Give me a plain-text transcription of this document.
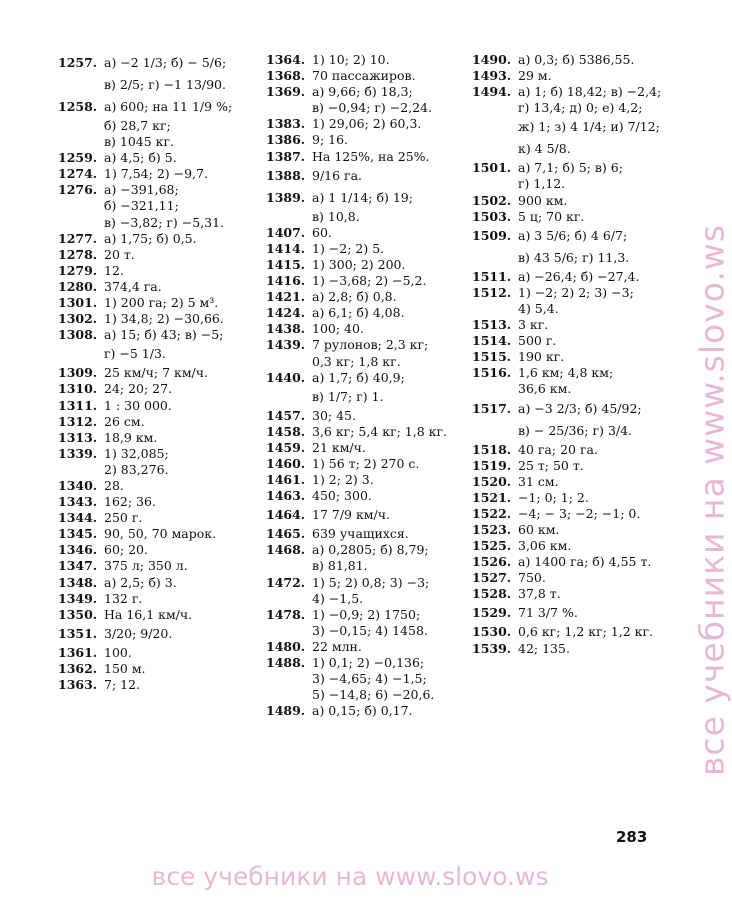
1257. а) −2 1/3; б) − 5/6;
в) 2/5; г) −1 13/90.
1258. а) 600; на 11 1/9 %;
б) 28,7 кг;
в) 1045 кг.
1259. а) 4,5; б) 5.
1274. 1) 7,54; 2) −9,7.
1276. а) −391,68;
б) −321,11;
в) −3,82; г) −5,31.
1277. а) 1,75; б) 0,5.
1278. 20 т.
1279. 12.
1280. 374,4 га.
1301. 1) 200 га; 2) 5 м³.
1302. 1) 34,8; 2) −30,66.
1308. а) 15; б) 43; в) −5;
г) −5 1/3.
1309. 25 км/ч; 7 км/ч.
1310. 24; 20; 27.
1311. 1 : 30 000.
1312. 26 см.
1313. 18,9 км.
1339. 1) 32,085;
2) 83,276.
1340. 28.
1343. 162; 36.
1344. 250 г.
1345. 90, 50, 70 марок.
1346. 60; 20.
1347. 375 л; 350 л.
1348. а) 2,5; б) 3.
1349. 132 г.
1350. На 16,1 км/ч.
1351. 3/20; 9/20.
1361. 100.
1362. 150 м.
1363. 7; 12.
1364. 1) 10; 2) 10.
1368. 70 пассажиров.
1369. а) 9,66; б) 18,3;
в) −0,94; г) −2,24.
1383. 1) 29,06; 2) 60,3.
1386. 9; 16.
1387. На 125%, на 25%.
1388. 9/16 га.
1389. а) 1 1/14; б) 19;
в) 10,8.
1407. 60.
1414. 1) −2; 2) 5.
1415. 1) 300; 2) 200.
1416. 1) −3,68; 2) −5,2.
1421. а) 2,8; б) 0,8.
1424. а) 6,1; б) 4,08.
1438. 100; 40.
1439. 7 рулонов; 2,3 кг;
0,3 кг; 1,8 кг.
1440. а) 1,7; б) 40,9;
в) 1/7; г) 1.
1457. 30; 45.
1458. 3,6 кг; 5,4 кг; 1,8 кг.
1459. 21 км/ч.
1460. 1) 56 т; 2) 270 с.
1461. 1) 2; 2) 3.
1463. 450; 300.
1464. 17 7/9 км/ч.
1465. 639 учащихся.
1468. а) 0,2805; б) 8,79;
в) 81,81.
1472. 1) 5; 2) 0,8; 3) −3;
4) −1,5.
1478. 1) −0,9; 2) 1750;
3) −0,15; 4) 1458.
1480. 22 млн.
1488. 1) 0,1; 2) −0,136;
3) −4,65; 4) −1,5;
5) −14,8; 6) −20,6.
1489. а) 0,15; б) 0,17.
1490. а) 0,3; б) 5386,55.
1493. 29 м.
1494. а) 1; б) 18,42; в) −2,4;
г) 13,4; д) 0; е) 4,2;
ж) 1; з) 4 1/4; и) 7/12;
к) 4 5/8.
1501. а) 7,1; б) 5; в) 6;
г) 1,12.
1502. 900 км.
1503. 5 ц; 70 кг.
1509. а) 3 5/6; б) 4 6/7;
в) 43 5/6; г) 11,3.
1511. а) −26,4; б) −27,4.
1512. 1) −2; 2) 2; 3) −3;
4) 5,4.
1513. 3 кг.
1514. 500 г.
1515. 190 кг.
1516. 1,6 км; 4,8 км;
36,6 км.
1517. а) −3 2/3; б) 45/92;
в) − 25/36; г) 3/4.
1518. 40 га; 20 га.
1519. 25 т; 50 т.
1520. 31 см.
1521. −1; 0; 1; 2.
1522. −4; − 3; −2; −1; 0.
1523. 60 км.
1525. 3,06 км.
1526. а) 1400 га; б) 4,55 т.
1527. 750.
1528. 37,8 т.
1529. 71 3/7 %.
1530. 0,6 кг; 1,2 кг; 1,2 кг.
1539. 42; 135.
283
все учебники на www.slovo.ws
все учебники на www.slovo.ws
